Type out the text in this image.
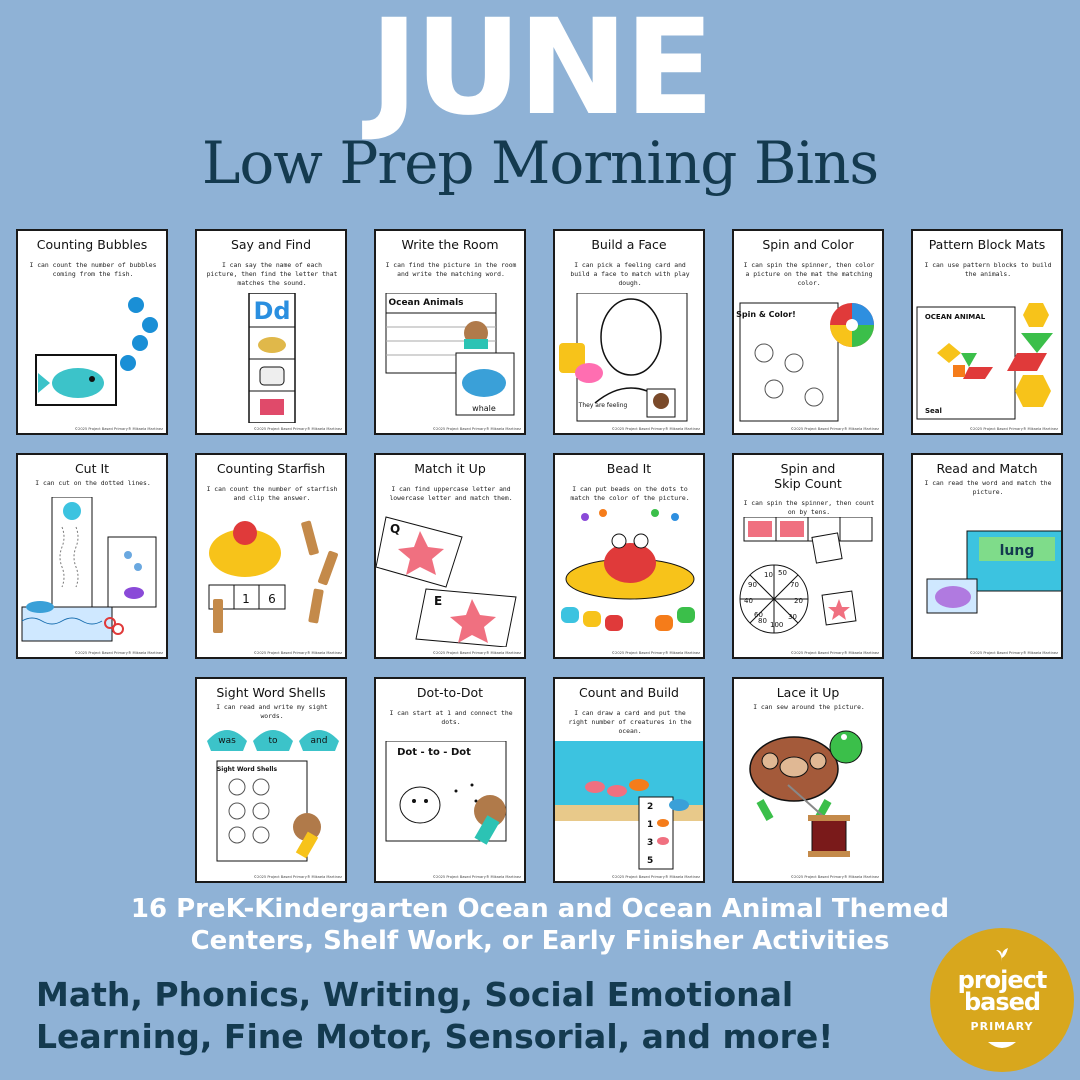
JUNE
Low Prep Morning Bins
Counting Bubbles
I can count the number of bubbles coming from the fish.
©2025 Project Based Primary® Mikaela Martinez
Say and Find
I can say the name of each picture, then find the letter that matches the sound.
Dd
©2025 Project Based Primary® Mikaela Martinez
Write the Room
I can find the picture in the room and write the matching word.
Ocean Animals
whale
©2025 Project Based Primary® Mikaela Martinez
Build a Face
I can pick a feeling card and build a face to match with play dough.
They are feeling
©2025 Project Based Primary® Mikaela Martinez
Spin and Color
I can spin the spinner, then color a picture on the mat the matching color.
Spin & Color!
©2025 Project Based Primary® Mikaela Martinez
Pattern Block Mats
I can use pattern blocks to build the animals.
OCEAN ANIMAL
Seal
©2025 Project Based Primary® Mikaela Martinez
Cut It
I can cut on the dotted lines.
©2025 Project Based Primary® Mikaela Martinez
Counting Starfish
I can count the number of starfish and clip the answer.
1 6
©2025 Project Based Primary® Mikaela Martinez
Match it Up
I can find uppercase letter and lowercase letter and match them.
Q
E
©2025 Project Based Primary® Mikaela Martinez
Bead It
I can put beads on the dots to match the color of the picture.
©2025 Project Based Primary® Mikaela Martinez
Spin and
Skip Count
I can spin the spinner, then count on by tens.
10 50
70
20
30
100
60
40
90
80
©2025 Project Based Primary® Mikaela Martinez
Read and Match
I can read the word and match the picture.
lung
©2025 Project Based Primary® Mikaela Martinez
Sight Word Shells
I can read and write my sight words.
was	to	and
Sight Word Shells
©2025 Project Based Primary® Mikaela Martinez
Dot-to-Dot
I can start at 1 and connect the dots.
Dot - to - Dot
©2025 Project Based Primary® Mikaela Martinez
Count and Build
I can draw a card and put the right number of creatures in the ocean.
2
1
3
5
©2025 Project Based Primary® Mikaela Martinez
Lace it Up
I can sew around the picture.
©2025 Project Based Primary® Mikaela Martinez
16 PreK-Kindergarten Ocean and Ocean Animal Themed
Centers, Shelf Work, or Early Finisher Activities
Math, Phonics, Writing, Social Emotional
Learning, Fine Motor, Sensorial, and more!
project
based
PRIMARY
